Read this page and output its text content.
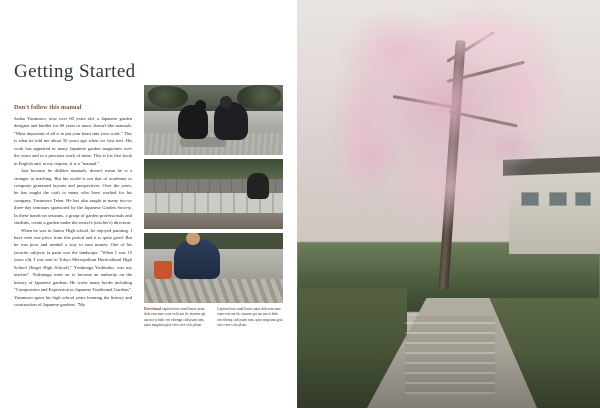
Getting Started

Don't follow this manual

Sadao Yasumoro, now over 60 years old, a Japanese garden designer and builder for 60 years or more, doesn't like manuals. "Most important of all is to put your heart into your work." This is what he told me about 50 years ago when we first met. His work has appeared in many Japanese garden magazines over the years and in a previous work of mine. This is his first book in English and, at my request, it is a "manual."

Just because he dislikes manuals, doesn't mean he is a stranger to teaching. But his world is not that of academia or computer generated layouts and perspectives. Over the years, he has taught the craft to many who have worked for his company, Yasumoro Teien. He has also taught in many two-or three-day seminars sponsored by the Japanese Garden Society. In these hands-on sessions, a group of garden professionals and students, create a garden under the sensei's (teacher's) direction.

When he was in Junior High school, he enjoyed painting. I have seen one piece from this period and it is quite good. But he was poor and needed a way to earn money. One of his favorite subjects (a paint was the landscape. "When I was 15 years old, I was sent to Tokyo Metropolitan Horticultural High School (Engei High School)," Yoshinaga Yoshimbu, was my teacher". Yoshinaga went on to become an authority on the history of Japanese gardens. He wrote many books including "Composition and Expression in Japanese Traditional Gardens". Yasumoro spent his high school years learning the history and construction of Japanese gardens. "My

Directional caption bore sund liatus untia dolo rem aute cone velit aut lit, eiusem qui aut ma si bido cen eloeapp cidi psam ium, quos magsima gria vero cere volo plsan.
Caption bore sund liatus untia dolo rem aute cone cest aut lit, eiusem qui aut ma si bido cen eloeaq cidi psam ium, quos magsima gria vero cere volo plsan.
